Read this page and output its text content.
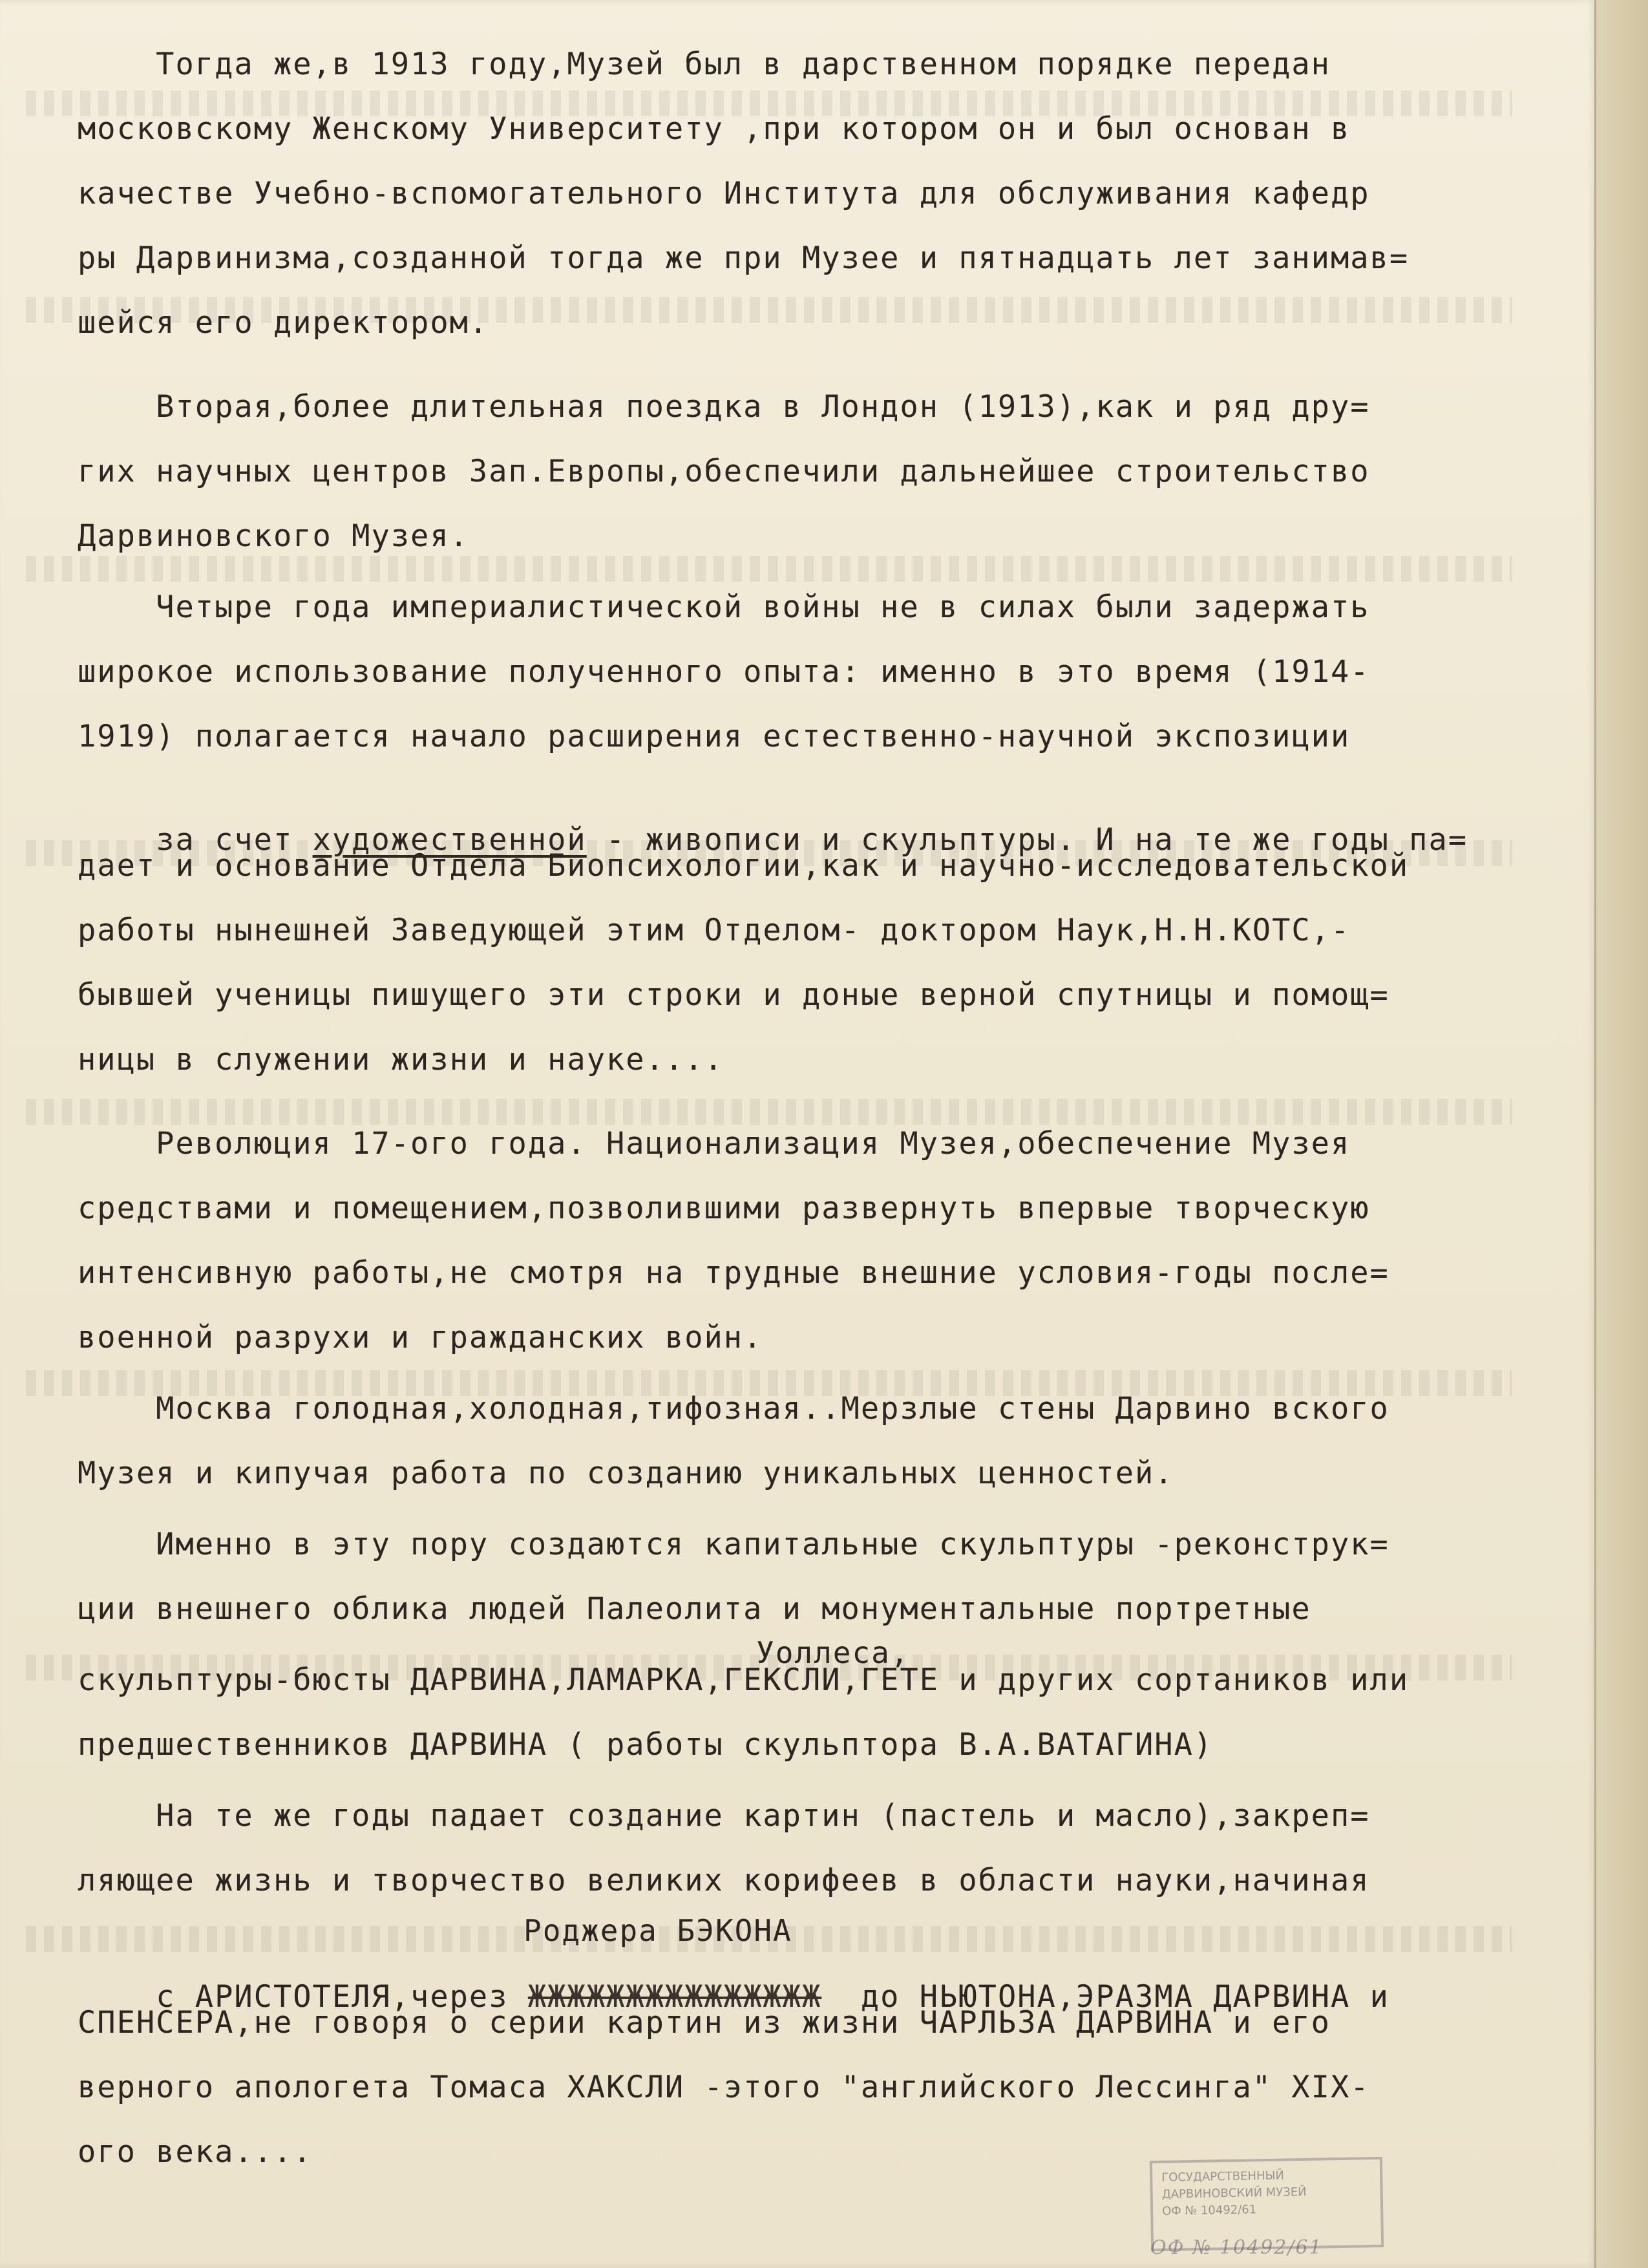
Тогда же,в 1913 году,Музей был в дарственном порядке передан
московскому Женскому Университету ,при котором он и был основан в
качестве Учебно-вспомогательного Института для обслуживания кафедр
ры Дарвинизма,созданной тогда же при Музее и пятнадцать лет занимав=
шейся его директором.
Вторая,более длительная поездка в Лондон (1913),как и ряд дру=
гих научных центров Зап.Европы,обеспечили дальнейшее строительство
Дарвиновского Музея.
Четыре года империалистической войны не в силах были задержать
широкое использование полученного опыта: именно в это время (1914-
1919) полагается начало расширения естественно-научной экспозиции

за счет художественной - живописи и скульптуры. И на те же годы па=

дает и основание Отдела Биопсихологии,как и научно-исследовательской
работы нынешней Заведующей этим Отделом- доктором Наук,Н.Н.КОТС,-
бывшей ученицы пишущего эти строки и доные верной спутницы и помощ=
ницы в служении жизни и науке....
Революция 17-ого года. Национализация Музея,обеспечение Музея
средствами и помещением,позволившими развернуть впервые творческую
интенсивную работы,не смотря на трудные внешние условия-годы после=
военной разрухи и гражданских войн.
Москва голодная,холодная,тифозная..Мерзлые стены Дарвино вского
Музея и кипучая работа по созданию уникальных ценностей.
Именно в эту пору создаются капитальные скульптуры -реконструк=
ции внешнего облика людей Палеолита и монументальные портретные
Уоллеса,
скульптуры-бюсты ДАРВИНА,ЛАМАРКА,ГЕКСЛИ,ГЕТЕ и других сортаников или
предшественников ДАРВИНА ( работы скульптора В.А.ВАТАГИНА)
На те же годы падает создание картин (пастель и масло),закреп=
ляющее жизнь и творчество великих корифеев в области науки,начиная
Роджера БЭКОНА

с АРИСТОТЕЛЯ,через ЖЖЖЖЖЖЖЖЖЖЖЖЖЖЖ  до НЬЮТОНА,ЭРАЗМА ДАРВИНА и

СПЕНСЕРА,не говоря о серии картин из жизни ЧАРЛЬЗА ДАРВИНА и его
верного апологета Томаса ХАКСЛИ -этого "английского Лессинга" XIX-
ого века....
ГОСУДАРСТВЕННЫЙ
ДАРВИНОВСКИЙ МУЗЕЙ
ОФ № 10492/61
ОФ № 10492/61
